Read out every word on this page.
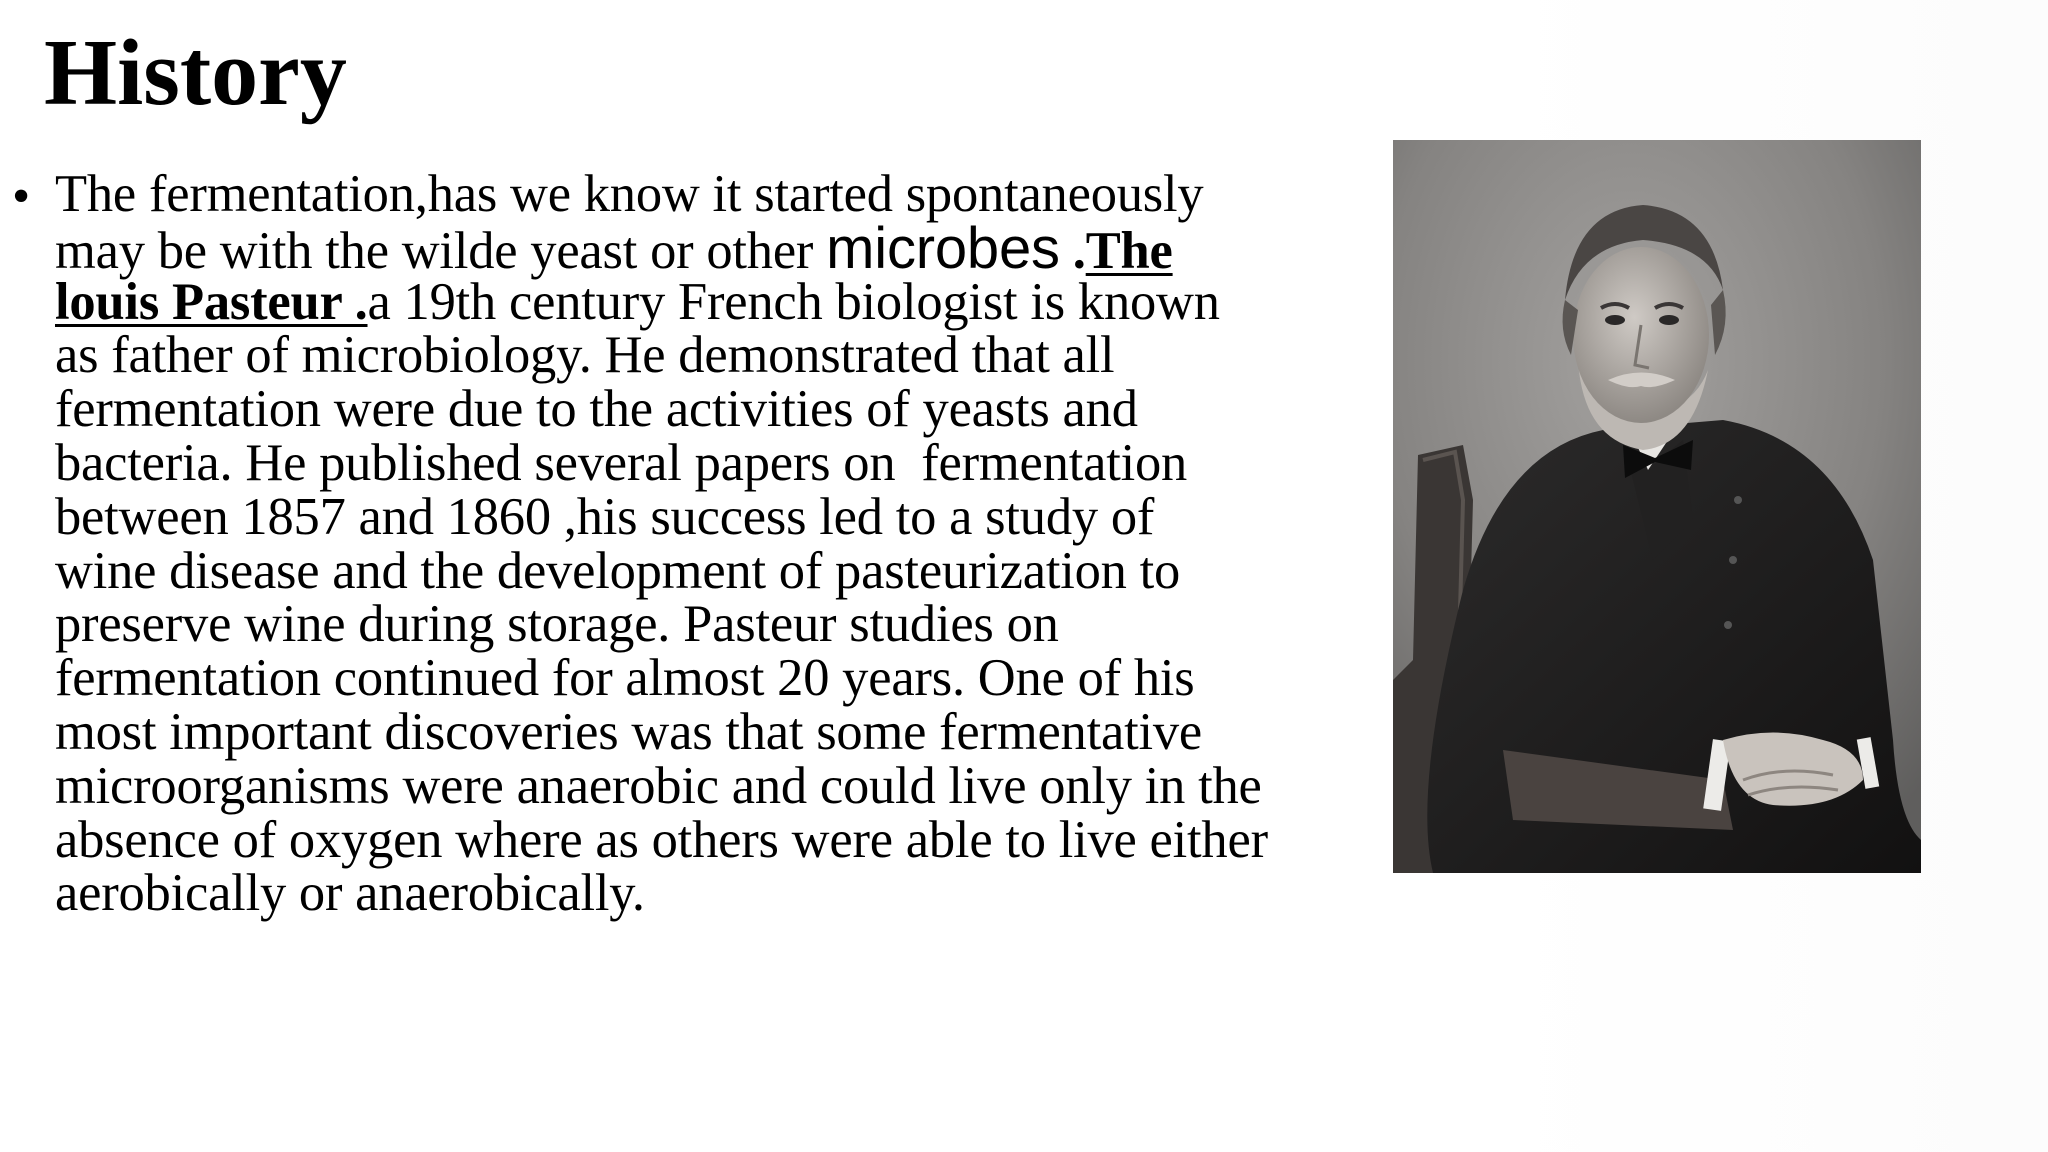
History
• The fermentation,has we know it started spontaneously
may be with the wilde yeast or other microbes .The
louis Pasteur .a 19th century French biologist is known
as father of microbiology. He demonstrated that all
fermentation were due to the activities of yeasts and
bacteria. He published several papers on  fermentation
between 1857 and 1860 ,his success led to a study of
wine disease and the development of pasteurization to
preserve wine during storage. Pasteur studies on
fermentation continued for almost 20 years. One of his
most important discoveries was that some fermentative
microorganisms were anaerobic and could live only in the
absence of oxygen where as others were able to live either
aerobically or anaerobically.
